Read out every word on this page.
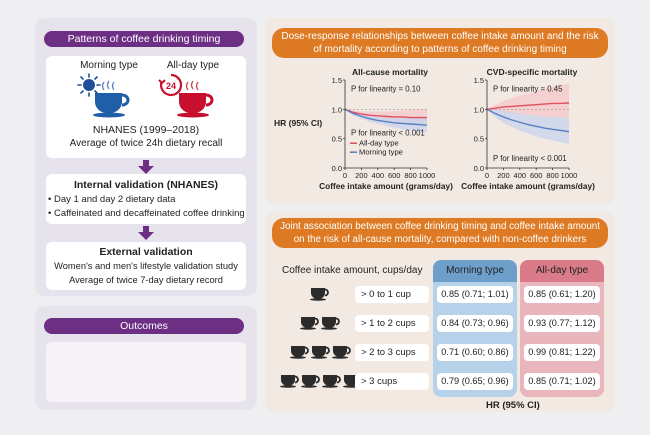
Patterns of coffee drinking timing
Morning type	All-day type
24
NHANES (1999–2018)
Average of twice 24h dietary recall
Internal validation (NHANES)
• Day 1 and day 2 dietary data
• Caffeinated and decaffeinated coffee drinking
External validation
Women's and men's lifestyle validation study
Average of twice 7-day dietary record
Outcomes
Dose-response relationships between coffee intake amount and the risk
of mortality according to patterns of coffee drinking timing
HR (95% CI)
0.0
0.5
1.0
1.5
0 200 400 600 800 1000
All-cause mortality
Coffee intake amount (grams/day)
P for linearity = 0.10
P for linearity < 0.001
All-day type
Morning type
0.0
0.5
1.0
1.5
0 200 400 600 800 1000
CVD-specific mortality
Coffee intake amount (grams/day)
P for linearity = 0.45
P for linearity < 0.001
Joint association between coffee drinking timing and coffee intake amount
on the risk of all-cause mortality, compared with non-coffee drinkers
Morning type	All-day type
Coffee intake amount, cups/day
> 0 to 1 cup	0.85 (0.71; 1.01)	0.85 (0.61; 1.20)
> 1 to 2 cups	0.84 (0.73; 0.96)	0.93 (0.77; 1.12)
> 2 to 3 cups	0.71 (0.60; 0.86)	0.99 (0.81; 1.22)
> 3 cups	0.79 (0.65; 0.96)	0.85 (0.71; 1.02)
HR (95% CI)
